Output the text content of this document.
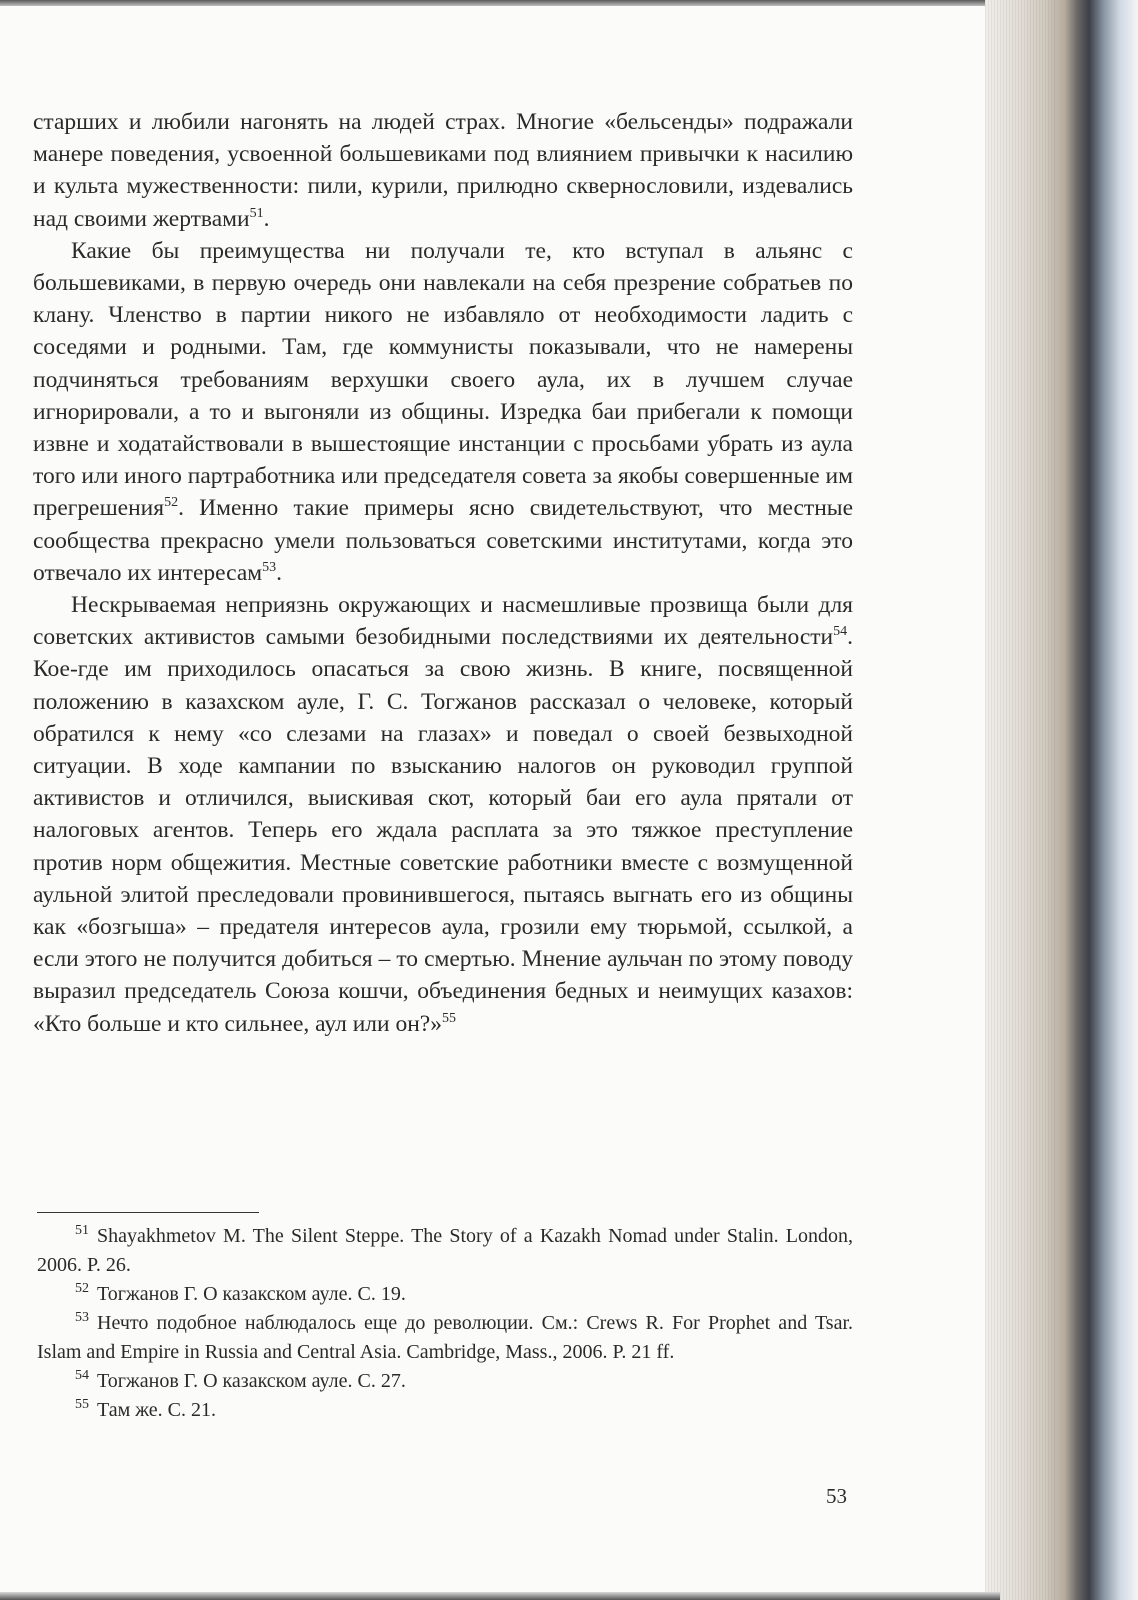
старших и любили нагонять на людей страх. Многие «бельсенды» подражали манере поведения, усвоенной большевиками под влиянием привычки к насилию и культа мужественности: пили, курили, прилюдно сквернословили, издевались над своими жертвами$^{51}$.

Какие бы преимущества ни получали те, кто вступал в альянс с большевиками, в первую очередь они навлекали на себя презрение собратьев по клану. Членство в партии никого не избавляло от необходимости ладить с соседями и родными. Там, где коммунисты показывали, что не намерены подчиняться требованиям верхушки своего аула, их в лучшем случае игнорировали, а то и выгоняли из общины. Изредка баи прибегали к помощи извне и ходатайствовали в вышестоящие инстанции с просьбами убрать из аула того или иного партработника или председателя совета за якобы совершенные им прегрешения$^{52}$. Именно такие примеры ясно свидетельствуют, что местные сообщества прекрасно умели пользоваться советскими институтами, когда это отвечало их интересам$^{53}$.

Нескрываемая неприязнь окружающих и насмешливые прозвища были для советских активистов самыми безобидными последствиями их деятельности$^{54}$. Кое-где им приходилось опасаться за свою жизнь. В книге, посвященной положению в казахском ауле, Г. С. Тогжанов рассказал о человеке, который обратился к нему «со слезами на глазах» и поведал о своей безвыходной ситуации. В ходе кампании по взысканию налогов он руководил группой активистов и отличился, выискивая скот, который баи его аула прятали от налоговых агентов. Теперь его ждала расплата за это тяжкое преступление против норм общежития. Местные советские работники вместе с возмущенной аульной элитой преследовали провинившегося, пытаясь выгнать его из общины как «бозгыша» – предателя интересов аула, грозили ему тюрьмой, ссылкой, а если этого не получится добиться – то смертью. Мнение аульчан по этому поводу выразил председатель Союза кошчи, объединения бедных и неимущих казахов: «Кто больше и кто сильнее, аул или он?»$^{55}$

$^{51}$ Shayakhmetov M. The Silent Steppe. The Story of a Kazakh Nomad under Stalin. London, 2006. P. 26.

$^{52}$ Тогжанов Г. О казакском ауле. С. 19.

$^{53}$ Нечто подобное наблюдалось еще до революции. См.: Crews R. For Prophet and Tsar. Islam and Empire in Russia and Central Asia. Cambridge, Mass., 2006. P. 21 ff.

$^{54}$ Тогжанов Г. О казакском ауле. С. 27.

$^{55}$ Там же. С. 21.

53
